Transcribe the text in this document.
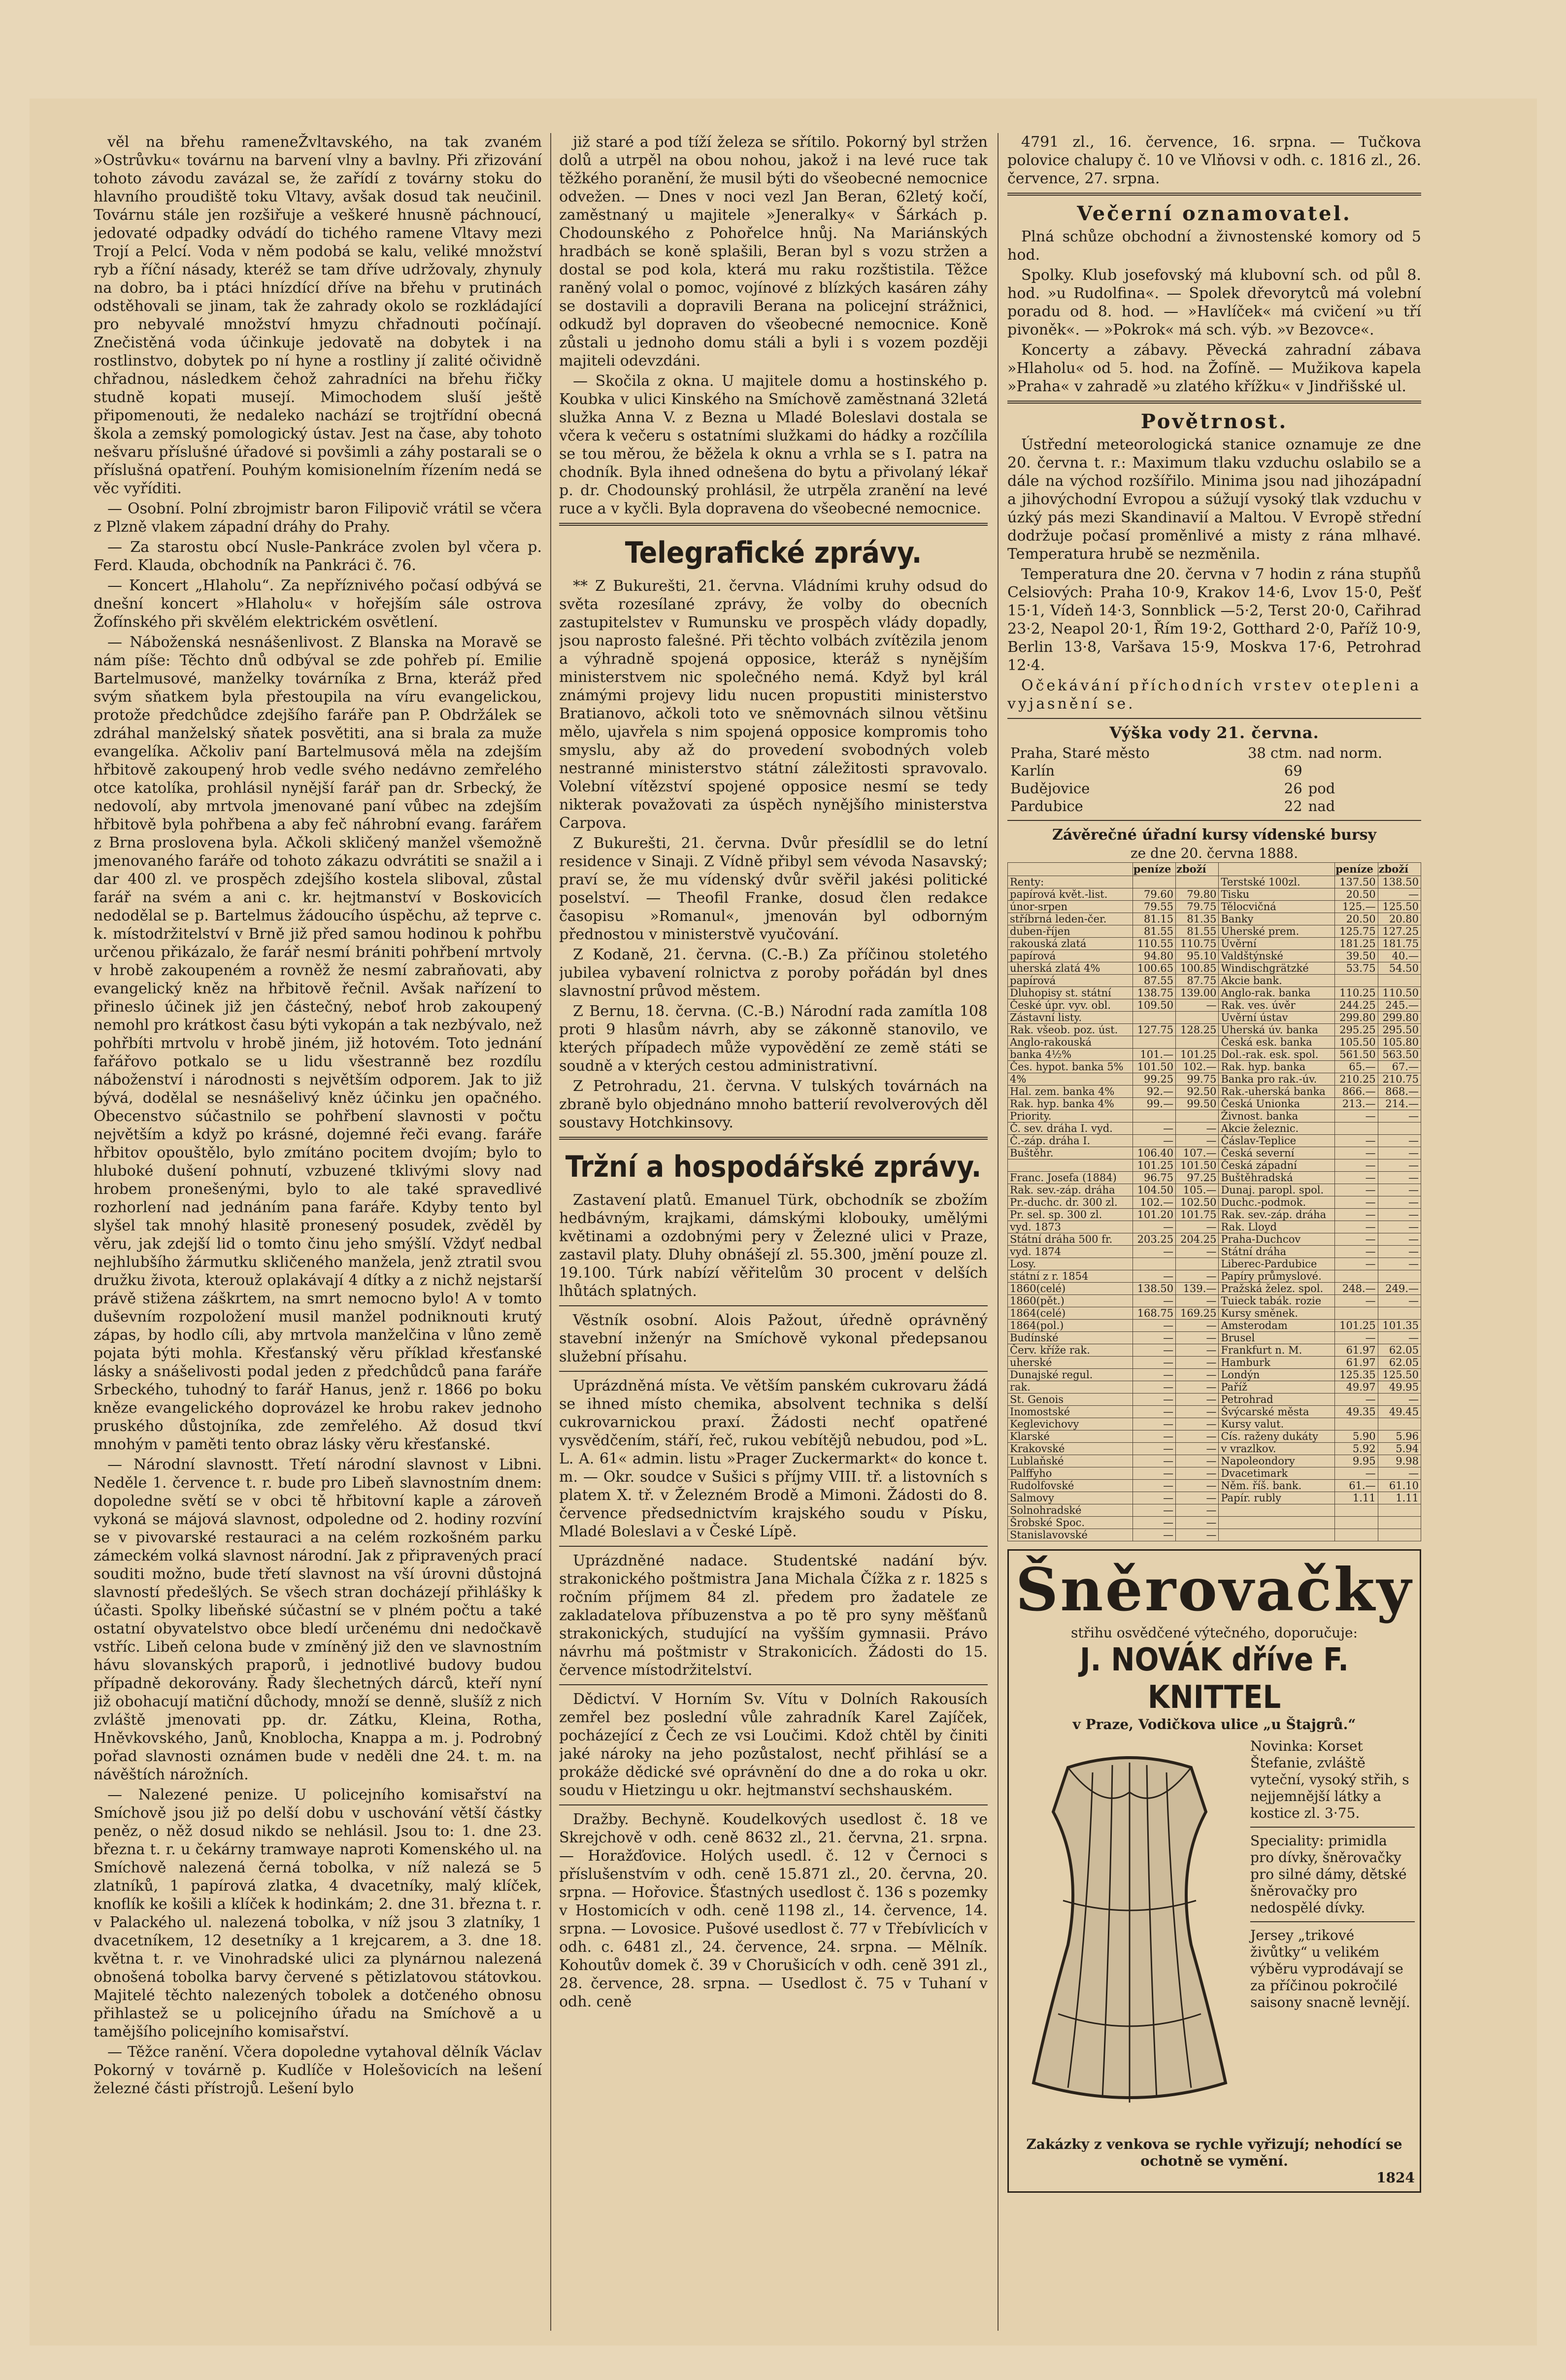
věl na břehu rameneŽvltavského, na tak zvaném »Ostrůvku« továrnu na barvení vlny a bavlny. Při zřizování tohoto závodu zavázal se, že zařídí z továrny stoku do hlavního proudiště toku Vltavy, avšak dosud tak neučinil. Továrnu stále jen rozšiřuje a veškeré hnusně páchnoucí, jedovaté odpadky odvádí do tichého ramene Vltavy mezi Trojí a Pelcí. Voda v něm podobá se kalu, veliké množství ryb a říční násady, kteréž se tam dříve udržovaly, zhynuly na dobro, ba i ptáci hnízdící dříve na břehu v prutinách odstěhovali se jinam, tak že zahrady okolo se rozkládající pro nebyvalé množství hmyzu chřadnouti počínají. Znečistěná voda účinkuje jedovatě na dobytek i na rostlinstvo, dobytek po ní hyne a rostliny jí zalité očividně chřadnou, následkem čehož zahradníci na břehu řičky studně kopati musejí. Mimochodem sluší ještě připomenouti, že nedaleko nachází se trojtřídní obecná škola a zemský pomologický ústav. Jest na čase, aby tohoto nešvaru příslušné úřadové si povšimli a záhy postarali se o příslušná opatření. Pouhým komisionelním řízením nedá se věc vyříditi.

— Osobní. Polní zbrojmistr baron Filipovič vrátil se včera z Plzně vlakem západní dráhy do Prahy.

— Za starostu obcí Nusle-Pankráce zvolen byl včera p. Ferd. Klauda, obchodník na Pankráci č. 76.

— Koncert „Hlaholu“. Za nepříznivého počasí odbývá se dnešní koncert »Hlaholu« v hořejším sále ostrova Žofínského při skvělém elektrickém osvětlení.

— Náboženská nesnášenlivost. Z Blanska na Moravě se nám píše: Těchto dnů odbýval se zde pohřeb pí. Emilie Bartelmusové, manželky továrníka z Brna, kteráž před svým sňatkem byla přestoupila na víru evangelickou, protože předchůdce zdejšího faráře pan P. Obdržálek se zdráhal manželský sňatek posvětiti, ana si brala za muže evangelíka. Ačkoliv paní Bartelmusová měla na zdejším hřbitově zakoupený hrob vedle svého nedávno zemřelého otce katolíka, prohlásil nynější farář pan dr. Srbecký, že nedovolí, aby mrtvola jmenované paní vůbec na zdejším hřbitově byla pohřbena a aby feč náhrobní evang. farářem z Brna proslovena byla. Ačkoli skličený manžel všemožně jmenovaného faráře od tohoto zákazu odvrátiti se snažil a i dar 400 zl. ve prospěch zdejšího kostela sliboval, zůstal farář na svém a ani c. kr. hejtmanství v Boskovicích nedodělal se p. Bartelmus žádoucího úspěchu, až teprve c. k. místodržitelství v Brně již před samou hodinou k pohřbu určenou přikázalo, že farář nesmí brániti pohřbení mrtvoly v hrobě zakoupeném a rovněž že nesmí zabraňovati, aby evangelický kněz na hřbitově řečnil. Avšak nařízení to přineslo účinek již jen částečný, neboť hrob zakoupený nemohl pro krátkost času býti vykopán a tak nezbývalo, než pohřbíti mrtvolu v hrobě jiném, již hotovém. Toto jednání fařářovo potkalo se u lidu všestranně bez rozdílu náboženství i národnosti s největším odporem. Jak to již bývá, dodělal se nesnášelivý kněz účinku jen opačného. Obecenstvo súčastnilo se pohřbení slavnosti v počtu největším a když po krásné, dojemné řeči evang. faráře hřbitov opouštělo, bylo zmítáno pocitem dvojím; bylo to hluboké dušení pohnutí, vzbuzené tklivými slovy nad hrobem pronešenými, bylo to ale také spravedlivé rozhorlení nad jednáním pana faráře. Kdyby tento byl slyšel tak mnohý hlasitě pronesený posudek, zvěděl by věru, jak zdejší lid o tomto činu jeho smýšlí. Vždyť nedbal nejhlubšího žármutku skličeného manžela, jenž ztratil svou družku života, kterouž oplakávají 4 dítky a z nichž nejstarší právě stižena záškrtem, na smrt nemocno bylo! A v tomto duševním rozpoložení musil manžel podniknouti krutý zápas, by hodlo cíli, aby mrtvola manželčina v lůno země pojata býti mohla. Křesťanský věru příklad křesťanské lásky a snášelivosti podal jeden z předchůdců pana faráře Srbeckého, tuhodný to farář Hanus, jenž r. 1866 po boku kněze evangelického doprovázel ke hrobu rakev jednoho pruského důstojníka, zde zemřelého. Až dosud tkví mnohým v paměti tento obraz lásky věru křesťanské.

— Národní slavnostt. Třetí národní slavnost v Libni. Neděle 1. července t. r. bude pro Libeň slavnostním dnem: dopoledne světí se v obci tě hřbitovní kaple a zároveň vykoná se májová slavnost, odpoledne od 2. hodiny rozvíní se v pivovarské restauraci a na celém rozkošném parku zámeckém volká slavnost národní. Jak z připravených prací souditi možno, bude třetí slavnost na vší úrovni důstojná slavností předešlých. Se všech stran docházejí přihlášky k účasti. Spolky libeňské súčastní se v plném počtu a také ostatní obyvatelstvo obce bledí určenému dni nedočkavě vstříc. Libeň celona bude v zmíněný již den ve slavnostním hávu slovanských praporů, i jednotlivé budovy budou případně dekorovány. Řady šlechetných dárců, kteří nyní již obohacují matiční důchody, množí se denně, slušíž z nich zvláště jmenovati pp. dr. Zátku, Kleina, Rotha, Hněvkovského, Janů, Knoblocha, Knappa a m. j. Podrobný pořad slavnosti oznámen bude v neděli dne 24. t. m. na návěštích nárožních.

— Nalezené penize. U policejního komisařství na Smíchově jsou již po delší dobu v uschování větší částky peněz, o něž dosud nikdo se nehlásil. Jsou to: 1. dne 23. března t. r. u čekárny tramwaye naproti Komenského ul. na Smíchově nalezená černá tobolka, v níž nalezá se 5 zlatníků, 1 papírová zlatka, 4 dvacetníky, malý klíček, knoflík ke košili a klíček k hodinkám; 2. dne 31. března t. r. v Palackého ul. nalezená tobolka, v níž jsou 3 zlatníky, 1 dvacetníkem, 12 desetníky a 1 krejcarem, a 3. dne 18. května t. r. ve Vinohradské ulici za plynárnou nalezená obnošená tobolka barvy červené s pětizlatovou státovkou. Majitelé těchto nalezených tobolek a dotčeného obnosu přihlastež se u policejního úřadu na Smíchově a u tamějšího policejního komisařství.

— Těžce ranění. Včera dopoledne vytahoval dělník Václav Pokorný v továrně p. Kudlíče v Holešovicích na lešení železné části přístrojů. Lešení bylo

již staré a pod tíží železa se sřítilo. Pokorný byl stržen dolů a utrpěl na obou nohou, jakož i na levé ruce tak těžkého poranění, že musil býti do všeobecné nemocnice odvežen. — Dnes v noci vezl Jan Beran, 62letý kočí, zaměstnaný u majitele »Jeneralky« v Šárkách p. Chodounského z Pohořelce hnůj. Na Mariánských hradbách se koně splašili, Beran byl s vozu stržen a dostal se pod kola, která mu raku rozštistila. Těžce raněný volal o pomoc, vojínové z blízkých kasáren záhy se dostavili a dopravili Berana na policejní strážnici, odkudž byl dopraven do všeobecné nemocnice. Koně zůstali u jednoho domu stáli a byli i s vozem později majiteli odevzdáni.

— Skočila z okna. U majitele domu a hostinského p. Koubka v ulici Kinského na Smíchově zaměstnaná 32letá služka Anna V. z Bezna u Mladé Boleslavi dostala se včera k večeru s ostatními služkami do hádky a rozčílila se tou měrou, že běžela k oknu a vrhla se s I. patra na chodník. Byla ihned odnešena do bytu a přivolaný lékař p. dr. Chodounský prohlásil, že utrpěla zranění na levé ruce a v kyčli. Byla dopravena do všeobecné nemocnice.

Telegrafické zprávy.

** Z Bukurešti, 21. června. Vládními kruhy odsud do světa rozesílané zprávy, že volby do obecních zastupitelstev v Rumunsku ve prospěch vlády dopadly, jsou naprosto falešné. Při těchto volbách zvítězila jenom a výhradně spojená opposice, kteráž s nynějším ministerstvem nic společného nemá. Když byl král známými projevy lidu nucen propustiti ministerstvo Bratianovo, ačkoli toto ve sněmovnách silnou většinu mělo, ujavřela s nim spojená opposice kompromis toho smyslu, aby až do provedení svobodných voleb nestranné ministerstvo státní záležitosti spravovalo. Volební vítězství spojené opposice nesmí se tedy nikterak považovati za úspěch nynějšího ministerstva Carpova.

Z Bukurešti, 21. června. Dvůr přesídlil se do letní residence v Sinaji. Z Vídně přibyl sem vévoda Nasavský; praví se, že mu vídenský dvůr svěřil jakési politické poselství. — Theofil Franke, dosud člen redakce časopisu »Romanul«, jmenován byl odborným přednostou v ministerstvě vyučování.

Z Kodaně, 21. června. (C.-B.) Za příčinou stoletého jubilea vybavení rolnictva z poroby pořádán byl dnes slavnostní průvod městem.

Z Bernu, 18. června. (C.-B.) Národní rada zamítla 108 proti 9 hlasům návrh, aby se zákonně stanovilo, ve kterých případech může vypovědění ze země státi se soudně a v kterých cestou administrativní.

Z Petrohradu, 21. června. V tulských továrnách na zbraně bylo objednáno mnoho batterií revolverových děl soustavy Hotchkinsovy.

Tržní a hospodářské zprávy.

Zastavení platů. Emanuel Türk, obchodník se zbožím hedbávným, krajkami, dámskými klobouky, umělými květinami a ozdobnými pery v Železné ulici v Praze, zastavil platy. Dluhy obnášejí zl. 55.300, jmění pouze zl. 19.100. Túrk nabízí věřitelům 30 procent v delších lhůtách splatných.

Věstník osobní. Alois Pažout, úředně oprávněný stavební inženýr na Smíchově vykonal předepsanou služební přísahu.

Uprázdněná místa. Ve větším panském cukrovaru žádá se ihned místo chemika, absolvent technika s delší cukrovarnickou praxí. Žádosti nechť opatřené vysvědčením, stáří, řeč, rukou vebítějů nebudou, pod »L. L. A. 61« admin. listu »Prager Zuckermarkt« do konce t. m. — Okr. soudce v Sušici s příjmy VIII. tř. a listovních s platem X. tř. v Železném Brodě a Mimoni. Žádosti do 8. července předsednictvím krajského soudu v Písku, Mladé Boleslavi a v České Lípě.

Uprázdněné nadace. Studentské nadání býv. strakonického poštmistra Jana Michala Čížka z r. 1825 s ročním příjmem 84 zl. předem pro žadatele ze zakladatelova příbuzenstva a po tě pro syny měšťanů strakonických, studující na vyšším gymnasii. Právo návrhu má poštmistr v Strakonicích. Žádosti do 15. července místodržitelství.

Dědictví. V Horním Sv. Vítu v Dolních Rakousích zemřel bez poslední vůle zahradník Karel Zajíček, pocházející z Čech ze vsi Loučimi. Kdož chtěl by činiti jaké nároky na jeho pozůstalost, nechť přihlásí se a prokáže dědické své oprávnění do dne a do roka u okr. soudu v Hietzingu u okr. hejtmanství sechshauském.

Dražby. Bechyně. Koudelkových usedlost č. 18 ve Skrejchově v odh. ceně 8632 zl., 21. června, 21. srpna. — Horažďovice. Holých usedl. č. 12 v Černoci s příslušenstvím v odh. ceně 15.871 zl., 20. června, 20. srpna. — Hořovice. Šťastných usedlost č. 136 s pozemky v Hostomicích v odh. ceně 1198 zl., 14. července, 14. srpna. — Lovosice. Pušové usedlost č. 77 v Třebívlicích v odh. c. 6481 zl., 24. července, 24. srpna. — Mělník. Kohoutův domek č. 39 v Chorušicích v odh. ceně 391 zl., 28. července, 28. srpna. — Usedlost č. 75 v Tuhaní v odh. ceně

4791 zl., 16. července, 16. srpna. — Tučkova polovice chalupy č. 10 ve Vlňovsi v odh. c. 1816 zl., 26. července, 27. srpna.

Večerní oznamovatel.

Plná schůze obchodní a živnostenské komory od 5 hod.

Spolky. Klub josefovský má klubovní sch. od půl 8. hod. »u Rudolfina«. — Spolek dřevorytců má volební poradu od 8. hod. — »Havlíček« má cvičení »u tří pivoněk«. — »Pokrok« má sch. výb. »v Bezovce«.

Koncerty a zábavy. Pěvecká zahradní zábava »Hlaholu« od 5. hod. na Žofíně. — Mužikova kapela »Praha« v zahradě »u zlatého křížku« v Jindřišské ul.

Povětrnost.

Ústřední meteorologická stanice oznamuje ze dne 20. června t. r.: Maximum tlaku vzduchu oslabilo se a dále na východ rozšířilo. Minima jsou nad jihozápadní a jihovýchodní Evropou a súžují vysoký tlak vzduchu v úzký pás mezi Skandinavií a Maltou. V Evropě střední dodržuje počasí proměnlivé a misty z rána mlhavé. Temperatura hrubě se nezměnila.

Temperatura dne 20. června v 7 hodin z rána stupňů Celsiových: Praha 10·9, Krakov 14·6, Lvov 15·0, Pešť 15·1, Vídeň 14·3, Sonnblick —5·2, Terst 20·0, Cařihrad 23·2, Neapol 20·1, Řím 19·2, Gotthard 2·0, Paříž 10·9, Berlin 13·8, Varšava 15·9, Moskva 17·6, Petrohrad 12·4.

Očekávání příchodních vrstev otepleni a vyjasnění se.

Výška vody 21. června.
Praha, Staré město	38 ctm.	nad norm.
Karlín	69	
Budějovice	26	pod
Pardubice	22	nad
Závěrečné úřadní kursy vídenské bursy
ze dne 20. června 1888.
	peníze	zboží		peníze	zboží
Renty:			Terstské 100zl.	137.50	138.50
papírová květ.-list.	79.60	79.80	Tisku	20.50	—
únor-srpen	79.55	79.75	Tělocvičná	125.—	125.50
stříbrná leden-čer.	81.15	81.35	Banky	20.50	20.80
duben-říjen	81.55	81.55	Uherské prem.	125.75	127.25
rakouská zlatá	110.55	110.75	Úvěrní	181.25	181.75
papírová	94.80	95.10	Valdštýnské	39.50	40.—
uherská zlatá 4%	100.65	100.85	Windischgrätzké	53.75	54.50
papírová	87.55	87.75	Akcie bank.		
Dluhopisy st. státní	138.75	139.00	Anglo-rak. banka	110.25	110.50
České úpr. vyv. obl.	109.50	—	Rak. ves. úvěr	244.25	245.—
Zástavní listy.			Uvěrní ústav	299.80	299.80
Rak. všeob. poz. úst.	127.75	128.25	Uherská úv. banka	295.25	295.50
Anglo-rakouská			Česká esk. banka	105.50	105.80
banka 4½%	101.—	101.25	Dol.-rak. esk. spol.	561.50	563.50
Čes. hypot. banka 5%	101.50	102.—	Rak. hyp. banka	65.—	67.—
4%	99.25	99.75	Banka pro rak.-úv.	210.25	210.75
Hal. zem. banka 4%	92.—	92.50	Rak.-uherská banka	866.—	868.—
Rak. hyp. banka 4%	99.—	99.50	Česká Unionka	213.—	214.—
Priority.			Živnost. banka	—	—
Č. sev. dráha I. vyd.	—	—	Akcie železnic.		
Č.-záp. dráha I.	—	—	Čáslav-Teplice	—	—
Buštěhr.	106.40	107.—	Česká severní	—	—
	101.25	101.50	Česká západní	—	—
Franc. Josefa (1884)	96.75	97.25	Buštěhradská	—	—
Rak. sev.-záp. dráha	104.50	105.—	Dunaj. paropl. spol.	—	—
Pr.-duchc. dr. 300 zl.	102.—	102.50	Duchc.-podmok.	—	—
Pr. sel. sp. 300 zl.	101.20	101.75	Rak. sev.-záp. dráha	—	—
vyd. 1873	—	—	Rak. Lloyd	—	—
Státní dráha 500 fr.	203.25	204.25	Praha-Duchcov	—	—
vyd. 1874	—	—	Státní dráha	—	—
Losy.			Liberec-Pardubice	—	—
státní z r. 1854	—	—	Papíry průmyslové.		
1860(celé)	138.50	139.—	Pražská želez. spol.	248.—	249.—
1860(pět.)	—	—	Tuieck tabák. rozie	—	—
1864(celé)	168.75	169.25	Kursy směnek.		
1864(pol.)	—	—	Amsterodam	101.25	101.35
Budínské	—	—	Brusel	—	—
Červ. kříže rak.	—	—	Frankfurt n. M.	61.97	62.05
uherské	—	—	Hamburk	61.97	62.05
Dunajské regul.	—	—	Londýn	125.35	125.50
rak.	—	—	Paříž	49.97	49.95
St. Genois	—	—	Petrohrad	—	—
Inomostské	—	—	Švýcarské města	49.35	49.45
Keglevichovy	—	—	Kursy valut.		
Klarské	—	—	Cís. raženy dukáty	5.90	5.96
Krakovské	—	—	v vrazlkov.	5.92	5.94
Lublaňské	—	—	Napoleondory	9.95	9.98
Palffyho	—	—	Dvacetimark	—	—
Rudolfovské	—	—	Něm. říš. bank.	61.—	61.10
Salmovy	—	—	Papír. rubly	1.11	1.11
Solnohradské	—	—			
Šrobské Spoc.	—	—			
Stanislavovské	—	—			
Šněrovačky
střihu osvědčené výtečného, doporučuje:
J. NOVÁK dříve F. KNITTEL
v Praze, Vodičkova ulice „u Štajgrů.“
Novinka: Korset Štefanie, zvláště vyteční, vysoký střih, s nejjemnější látky a kostice zl. 3·75.
Speciality: primidla pro dívky, šněrovačky pro silné dámy, dětské šněrovačky pro nedospělé dívky.
Jersey „trikové živůtky“ u velikém výběru vyprodávají se za příčinou pokročilé saisony snacně levnějí.
Zakázky z venkova se rychle vyřizují; nehodící se ochotně se vymění.
1824
